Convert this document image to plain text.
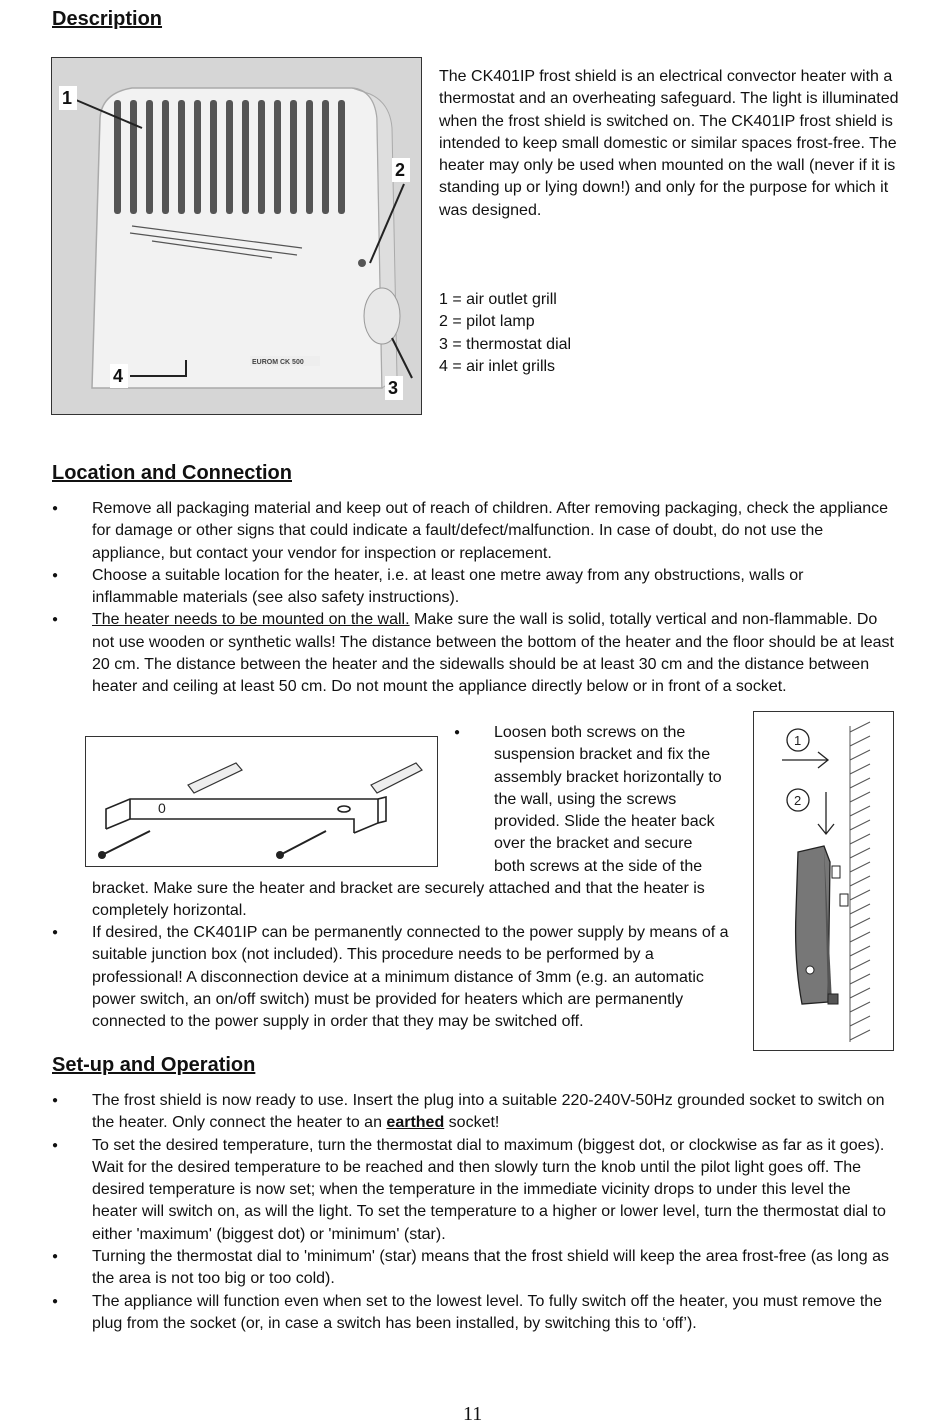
Description
EUROM CK 500
1
2
3
4

The CK401IP frost shield is an electrical convector heater with a thermostat and an overheating safeguard. The light is illuminated when the frost shield is switched on. The CK401IP frost shield is intended to keep small domestic or similar spaces frost-free. The heater may only be used when mounted on the wall (never if it is standing up or lying down!) and only for the purpose for which it was designed.

1 = air outlet grill
2 = pilot lamp
3 = thermostat dial
4 = air inlet grills
Location and Connection
● Remove all packaging material and keep out of reach of children. After removing packaging, check the appliance for damage or other signs that could indicate a fault/defect/malfunction. In case of doubt, do not use the appliance, but contact your vendor for inspection or replacement.
● Choose a suitable location for the heater, i.e. at least one metre away from any obstructions, walls or inflammable materials (see also safety instructions).
● The heater needs to be mounted on the wall. Make sure the wall is solid, totally vertical and non-flammable. Do not use wooden or synthetic walls! The distance between the bottom of the heater and the floor should be at least 20 cm. The distance between the heater and the sidewalls should be at least 30 cm and the distance between heater and ceiling at least 50 cm. Do not mount the appliance directly below or in front of a socket.
0
● Loosen both screws on the
suspension bracket and fix the
assembly bracket horizontally to
the wall, using the screws
provided. Slide the heater back
over the bracket and secure
both screws at the side of the

bracket. Make sure the heater and bracket are securely attached and that the heater is completely horizontal.

● If desired, the CK401IP can be permanently connected to the power supply by means of a suitable junction box (not included). This procedure needs to be performed by a professional! A disconnection device at a minimum distance of 3mm (e.g. an automatic power switch, an on/off switch) must be provided for heaters which are permanently connected to the power supply in order that they may be switched off.
1
2
Set-up and Operation
● The frost shield is now ready to use. Insert the plug into a suitable 220-240V-50Hz grounded socket to switch on the heater. Only connect the heater to an earthed socket!
● To set the desired temperature, turn the thermostat dial to maximum (biggest dot, or clockwise as far as it goes). Wait for the desired temperature to be reached and then slowly turn the knob until the pilot light goes off. The desired temperature is now set; when the temperature in the immediate vicinity drops to under this level the heater will switch on, as will the light. To set the temperature to a higher or lower level, turn the thermostat dial to either 'maximum' (biggest dot) or 'minimum' (star).
● Turning the thermostat dial to 'minimum' (star) means that the frost shield will keep the area frost-free (as long as the area is not too big or too cold).
● The appliance will function even when set to the lowest level. To fully switch off the heater, you must remove the plug from the socket (or, in case a switch has been installed, by switching this to ‘off’).
11
